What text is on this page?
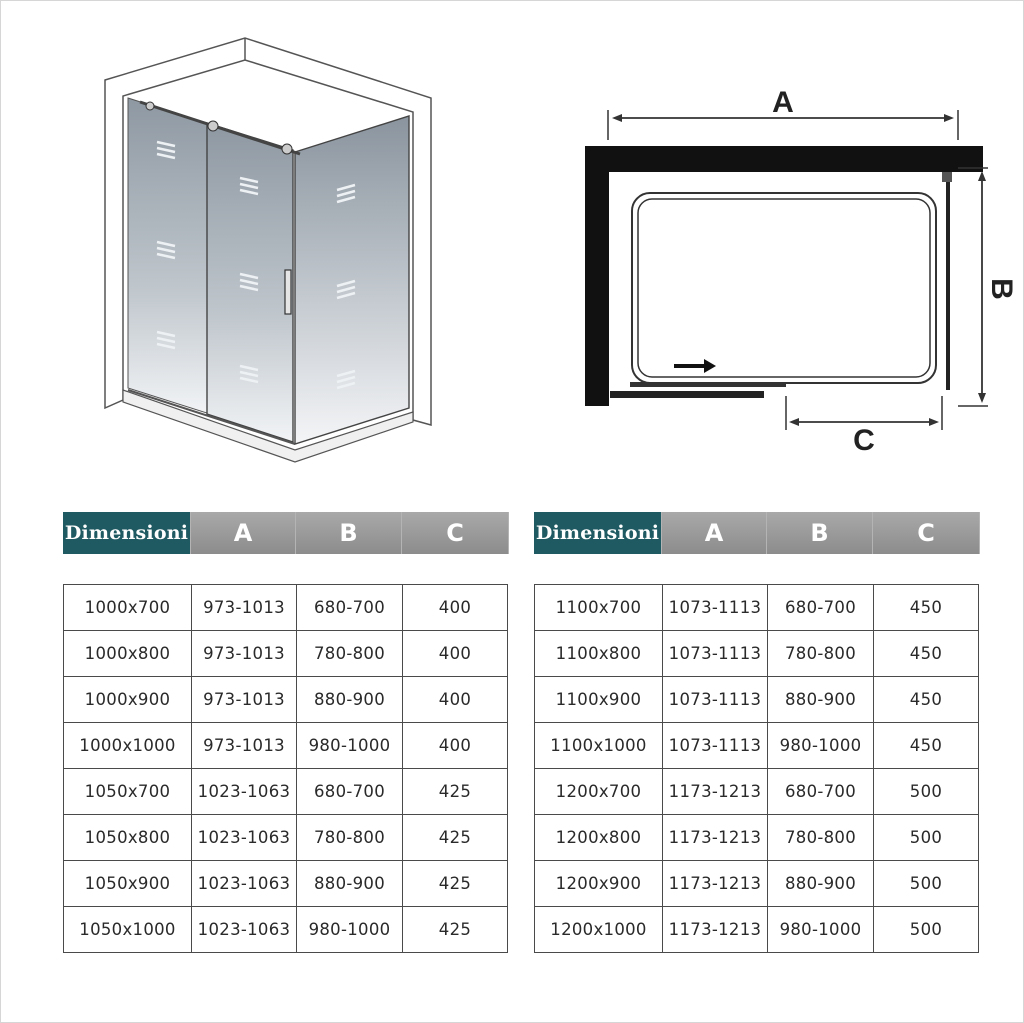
A
B
C
Dimensioni	A	B	C
1000x700	973-1013	680-700	400
1000x800	973-1013	780-800	400
1000x900	973-1013	880-900	400
1000x1000	973-1013	980-1000	400
1050x700	1023-1063	680-700	425
1050x800	1023-1063	780-800	425
1050x900	1023-1063	880-900	425
1050x1000	1023-1063	980-1000	425
Dimensioni	A	B	C
1100x700	1073-1113	680-700	450
1100x800	1073-1113	780-800	450
1100x900	1073-1113	880-900	450
1100x1000	1073-1113	980-1000	450
1200x700	1173-1213	680-700	500
1200x800	1173-1213	780-800	500
1200x900	1173-1213	880-900	500
1200x1000	1173-1213	980-1000	500
